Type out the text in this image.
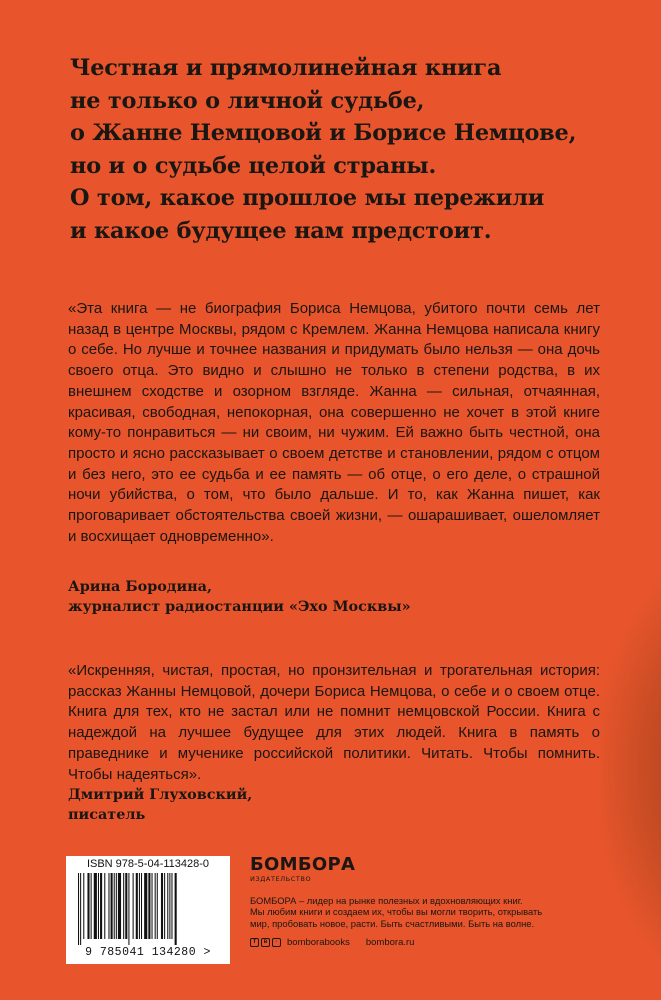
Честная и прямолинейная книга
не только о личной судьбе,
о Жанне Немцовой и Борисе Немцове,
но и о судьбе целой страны.
О том, какое прошлое мы пережили
и какое будущее нам предстоит.

«Эта книга — не биография Бориса Немцова, убитого почти семь лет назад в центре Москвы, рядом с Кремлем. Жанна Немцова написала книгу о себе. Но лучше и точнее названия и придумать было нельзя — она дочь своего отца. Это видно и слышно не только в степени родства, в их внешнем сходстве и озорном взгляде. Жанна — сильная, отчаянная, красивая, свободная, непокорная, она совершенно не хочет в этой книге кому-то понравиться — ни своим, ни чужим. Ей важно быть честной, она просто и ясно рассказывает о своем детстве и становлении, рядом с отцом и без него, это ее судьба и ее память — об отце, о его деле, о страшной ночи убийства, о том, что было дальше. И то, как Жанна пишет, как проговаривает обстоятельства своей жизни, — ошарашивает, ошеломляет и восхищает одновременно».

Арина Бородина,
журналист радиостанции «Эхо Москвы»

«Искренняя, чистая, простая, но пронзительная и трогательная история: рассказ Жанны Немцовой, дочери Бориса Немцова, о себе и о своем отце. Книга для тех, кто не застал или не помнит немцовской России. Книга с надеждой на лучшее будущее для этих людей. Книга в память о праведнике и мученике российской политики. Читать. Чтобы помнить. Чтобы надеяться».

Дмитрий Глуховский,
писатель
ISBN 978-5-04-113428-0
9 785041 134280 >
БОМБОРА
ИЗДАТЕЛЬСТВО
БОМБОРА – лидер на рынке полезных и вдохновляющих книг.
Мы любим книги и создаем их, чтобы вы могли творить, открывать
мир, пробовать новое, расти. Быть счастливыми. Быть на волне.
f	в	◦ bomborabooks bombora.ru
